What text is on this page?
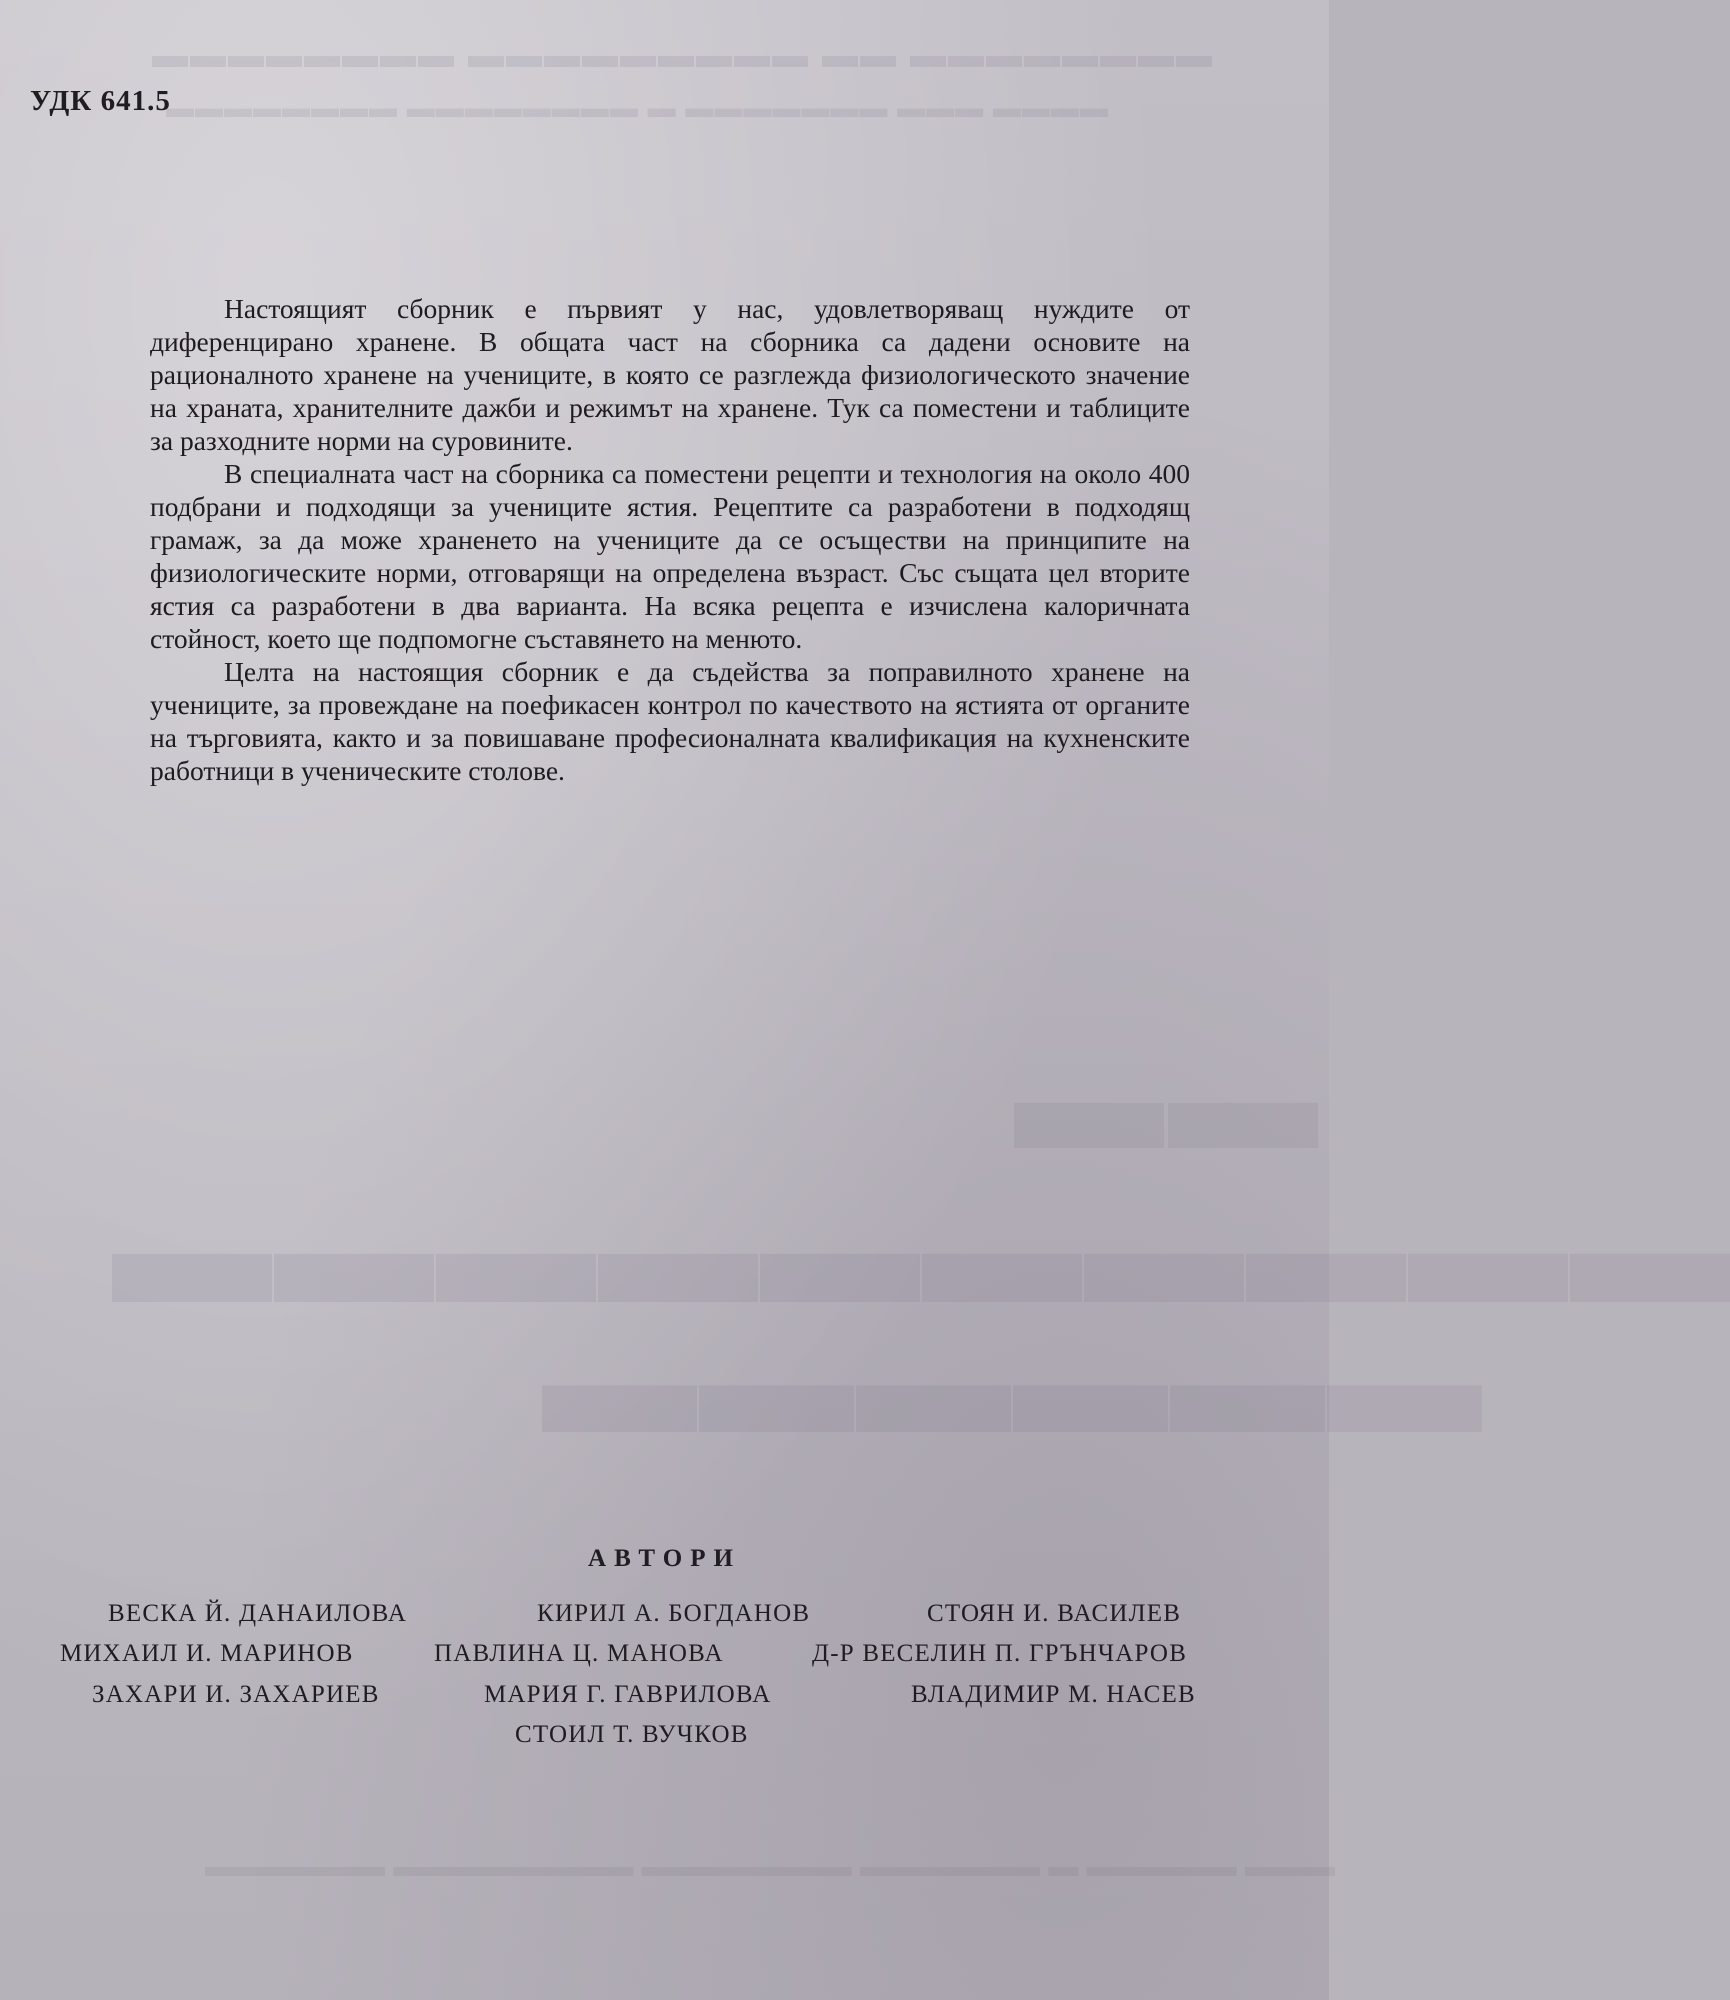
▬▬▬▬▬▬▬▬ ▬▬ ▬▬▬▬▬▬▬▬▬ ▬▬▬▬▬▬▬▬
▬▬▬▬ ▬▬▬ ▬▬▬▬▬▬▬ ▬ ▬▬▬▬▬▬▬▬ ▬▬▬▬▬▬▬▬
▬▬
▬▬▬▬▬▬▬▬▬▬
▬▬▬▬▬▬
▬▬▬ ▬▬▬▬▬ ▬ ▬▬▬▬▬▬ ▬▬▬▬▬▬▬ ▬▬▬▬▬▬▬▬ ▬▬▬▬▬▬
УДК 641.5

Настоящият сборник е първият у нас, удовлетворяващ нуждите от диференцирано хранене. В общата част на сборника са дадени основите на рационалното хранене на учениците, в която се разглежда физиологическото значение на храната, хранителните дажби и режимът на хранене. Тук са поместени и таблиците за разходните норми на суровините.

В специалната част на сборника са поместени рецепти и технология на около 400 подбрани и подходящи за учениците ястия. Рецептите са разработени в подходящ грамаж, за да може храненето на учениците да се осъществи на принципите на физиологическите норми, отговарящи на определена възраст. Със същата цел вторите ястия са разработени в два варианта. На всяка рецепта е изчислена калоричната стойност, което ще подпомогне съставянето на менюто.

Целта на настоящия сборник е да съдейства за поправилното хранене на учениците, за провеждане на поефикасен контрол по качеството на ястията от органите на търговията, както и за повишаване професионалната квалификация на кухненските работници в ученическите столове.

АВТОРИ
ВЕСКА Й. ДАНАИЛОВА	КИРИЛ А. БОГДАНОВ	СТОЯН И. ВАСИЛЕВ
МИХАИЛ И. МАРИНОВ	ПАВЛИНА Ц. МАНОВА	Д-Р ВЕСЕЛИН П. ГРЪНЧАРОВ
ЗАХАРИ И. ЗАХАРИЕВ	МАРИЯ Г. ГАВРИЛОВА	ВЛАДИМИР М. НАСЕВ
СТОИЛ Т. ВУЧКОВ
